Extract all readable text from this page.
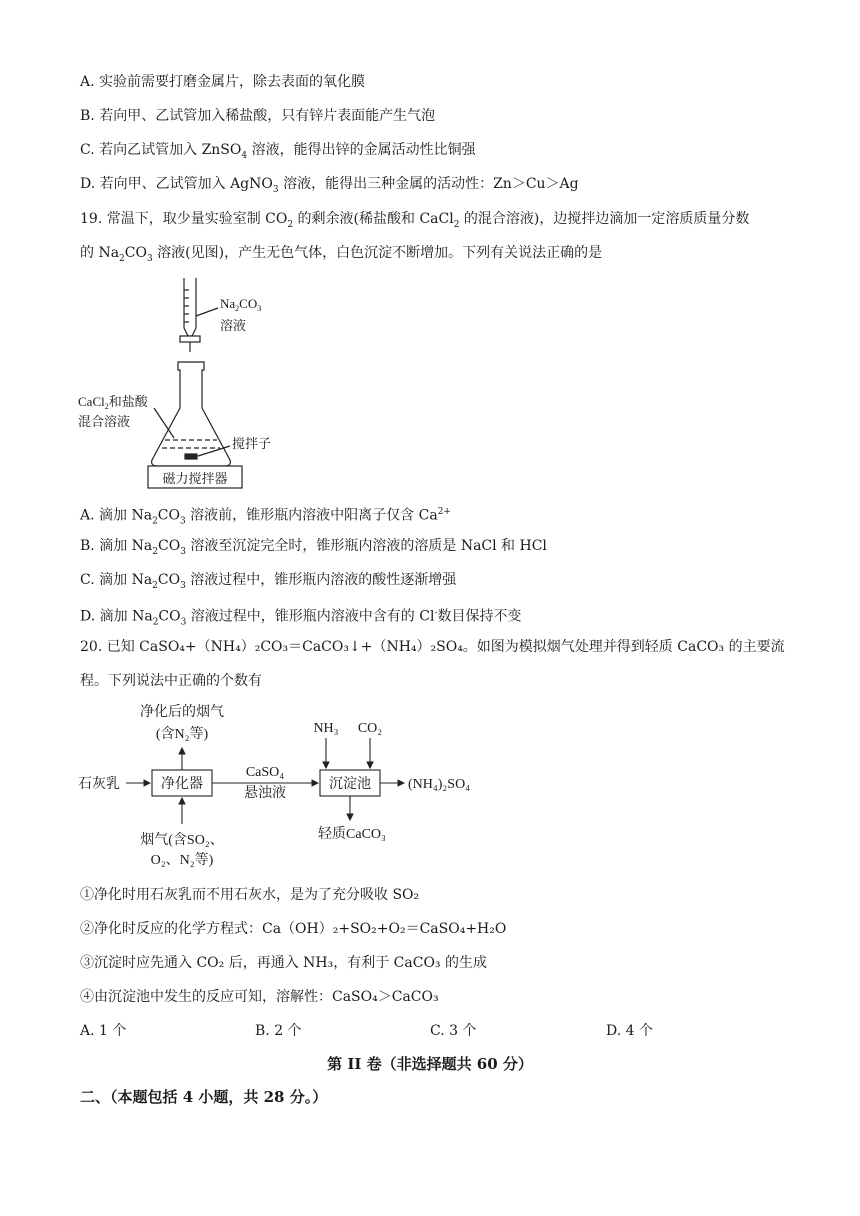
A. 实验前需要打磨金属片，除去表面的氧化膜
B. 若向甲、乙试管加入稀盐酸，只有锌片表面能产生气泡
C. 若向乙试管加入 ZnSO$_4$ 溶液，能得出锌的金属活动性比铜强
D. 若向甲、乙试管加入 AgNO$_3$ 溶液，能得出三种金属的活动性：Zn＞Cu＞Ag
19. 常温下，取少量实验室制 $CO_2$ 的剩余液(稀盐酸和 CaCl$_2$ 的混合溶液)，边搅拌边滴加一定溶质质量分数
的 $Na_2CO_3$ 溶液(见图)，产生无色气体，白色沉淀不断增加。下列有关说法正确的是
$Na_2CO_3$
溶液
CaCl$_2$和盐酸
混合溶液
搅拌子
磁力搅拌器
A. 滴加 $Na_2CO_3$ 溶液前，锥形瓶内溶液中阳离子仅含 $Ca^{2+}$
B. 滴加 $Na_2CO_3$ 溶液至沉淀完全时，锥形瓶内溶液的溶质是 NaCl 和 HCl
C. 滴加 $Na_2CO_3$ 溶液过程中，锥形瓶内溶液的酸性逐渐增强
D. 滴加 $Na_2CO_3$ 溶液过程中，锥形瓶内溶液中含有的 Cl-数目保持不变
20. 已知 CaSO₄+（NH₄）₂CO₃＝CaCO₃↓+（NH₄）₂SO₄。如图为模拟烟气处理并得到轻质 CaCO₃ 的主要流
程。下列说法中正确的个数有
净化后的烟气
(含N₂等)
石灰乳	净化器
烟气(含SO₂、
O₂、N₂等)
CaSO₄
悬浊液
NH₃ CO₂
沉淀池	(NH₄)₂SO₄
轻质CaCO₃
①净化时用石灰乳而不用石灰水，是为了充分吸收 SO₂
②净化时反应的化学方程式：Ca（OH）₂+SO₂+O₂＝CaSO₄+H₂O
③沉淀时应先通入 CO₂ 后，再通入 NH₃，有利于 CaCO₃ 的生成
④由沉淀池中发生的反应可知，溶解性：CaSO₄＞CaCO₃
A. 1 个	B. 2 个	C. 3 个	D. 4 个
第 II 卷（非选择题共 60 分）
二、（本题包括 4 小题，共 28 分。）
